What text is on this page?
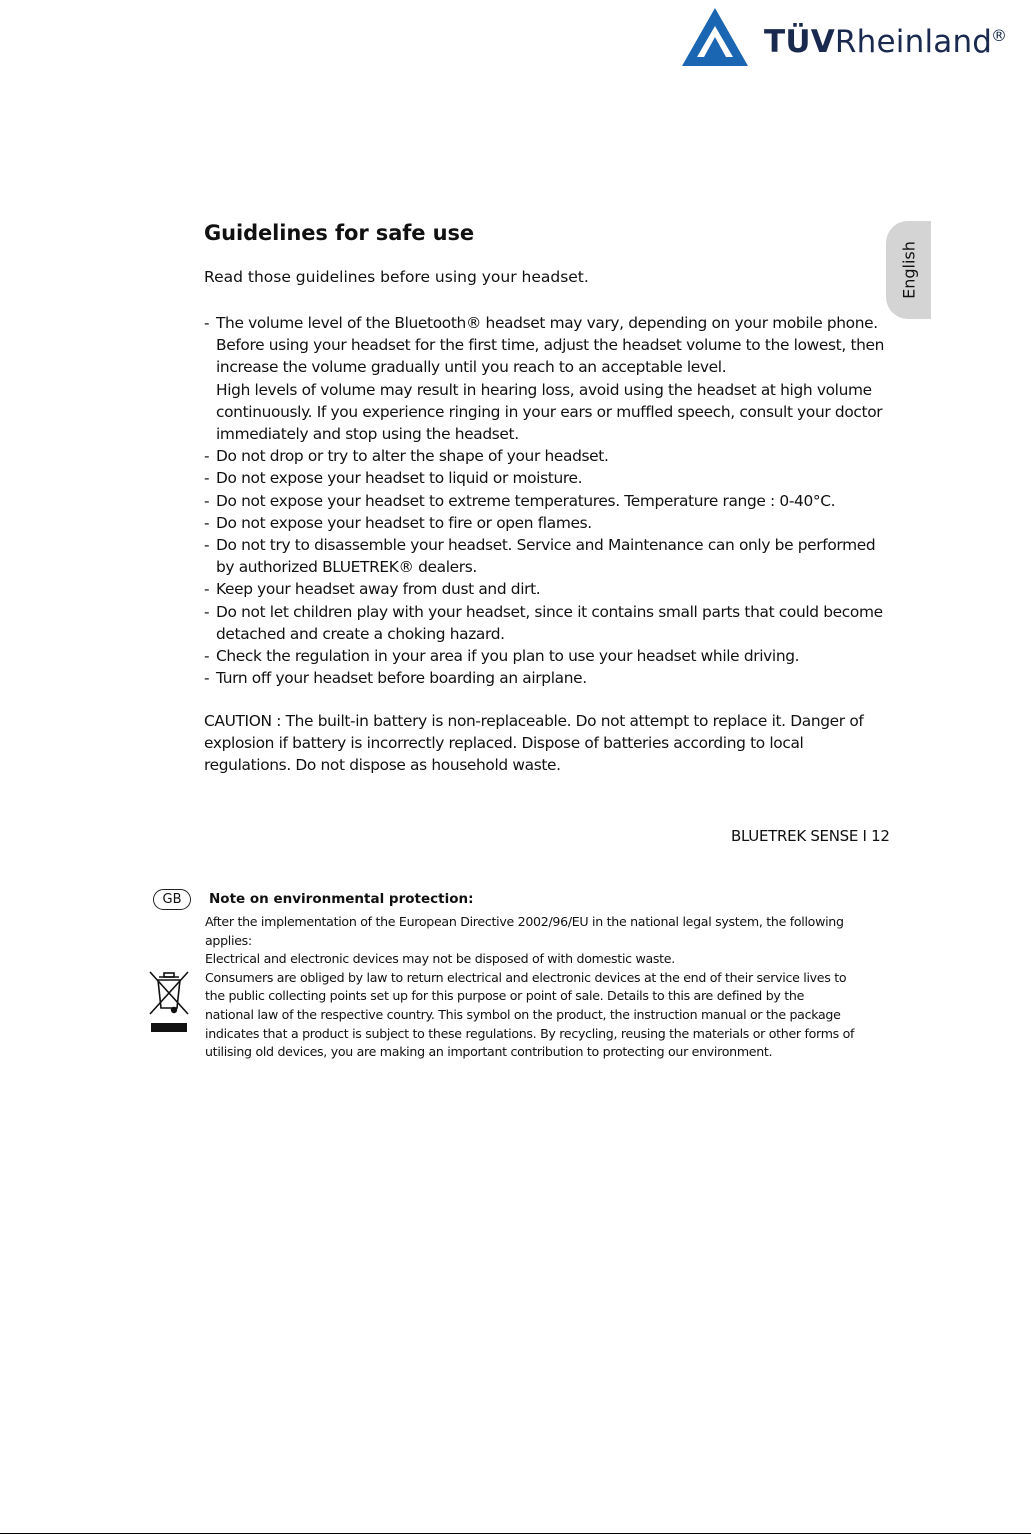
TÜVRheinland
®
English
Guidelines for safe use

Read those guidelines before using your headset.

- The volume level of the Bluetooth® headset may vary, depending on your mobile phone.
Before using your headset for the first time, adjust the headset volume to the lowest, then
increase the volume gradually until you reach to an acceptable level.
High levels of volume may result in hearing loss, avoid using the headset at high volume
continuously. If you experience ringing in your ears or muffled speech, consult your doctor
immediately and stop using the headset.
- Do not drop or try to alter the shape of your headset.
- Do not expose your headset to liquid or moisture.
- Do not expose your headset to extreme temperatures. Temperature range : 0-40°C.
- Do not expose your headset to fire or open flames.
- Do not try to disassemble your headset. Service and Maintenance can only be performed
by authorized BLUETREK® dealers.
- Keep your headset away from dust and dirt.
- Do not let children play with your headset, since it contains small parts that could become
detached and create a choking hazard.
- Check the regulation in your area if you plan to use your headset while driving.
- Turn off your headset before boarding an airplane.
CAUTION : The built-in battery is non-replaceable. Do not attempt to replace it. Danger of
explosion if battery is incorrectly replaced. Dispose of batteries according to local
regulations. Do not dispose as household waste.

BLUETREK SENSE I 12

GB	Note on environmental protection:

After the implementation of the European Directive 2002/96/EU in the national legal system, the following
applies:
Electrical and electronic devices may not be disposed of with domestic waste.
Consumers are obliged by law to return electrical and electronic devices at the end of their service lives to
the public collecting points set up for this purpose or point of sale. Details to this are defined by the
national law of the respective country. This symbol on the product, the instruction manual or the package
indicates that a product is subject to these regulations. By recycling, reusing the materials or other forms of
utilising old devices, you are making an important contribution to protecting our environment.
